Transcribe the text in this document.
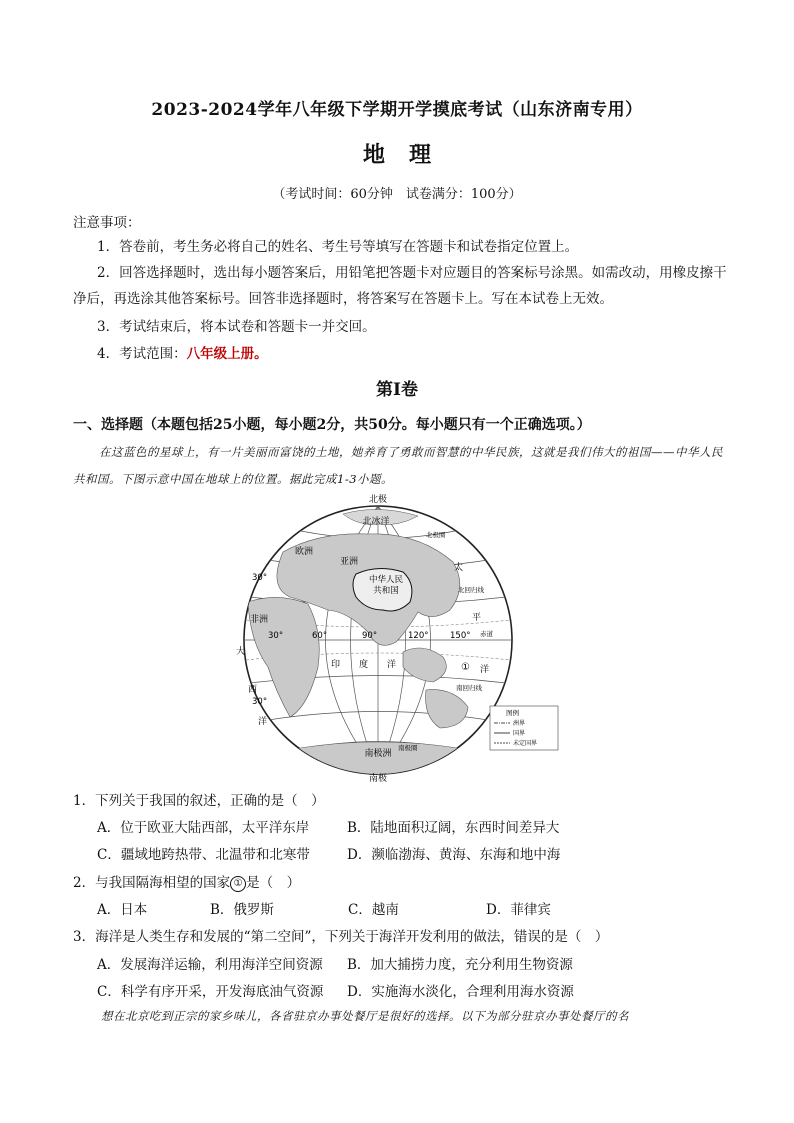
2023-2024学年八年级下学期开学摸底考试（山东济南专用）
地理
（考试时间：60分钟　试卷满分：100分）
注意事项：
1．答卷前，考生务必将自己的姓名、考生号等填写在答题卡和试卷指定位置上。
2．回答选择题时，选出每小题答案后，用铅笔把答题卡对应题目的答案标号涂黑。如需改动，用橡皮擦干净后，再选涂其他答案标号。回答非选择题时，将答案写在答题卡上。写在本试卷上无效。
3．考试结束后，将本试卷和答题卡一并交回。
4．考试范围：八年级上册。
第Ⅰ卷
一、选择题（本题包括25小题，每小题2分，共50分。每小题只有一个正确选项。）
在这蓝色的星球上，有一片美丽而富饶的土地，她养育了勇敢而智慧的中华民族，这就是我们伟大的祖国——中华人民共和国。下图示意中国在地球上的位置。据此完成1-3小题。
北极
南极
北冰洋
欧洲
亚洲
中华人民
共和国
非洲
印 度 洋
大
西
洋
太
平
洋
南极洲
北回归线
赤道
南回归线
北极圈
南极圈
30°
30°
30°	60°	90°	120°	150°
①
图例
洲界
国界
未定国界
1．下列关于我国的叙述，正确的是（　）
A．位于欧亚大陆西部，太平洋东岸	B．陆地面积辽阔，东西时间差异大
C．疆域地跨热带、北温带和北寒带	D．濒临渤海、黄海、东海和地中海
2．与我国隔海相望的国家 ① 是（　）
A．日本	B．俄罗斯	C．越南	D．菲律宾
3．海洋是人类生存和发展的“第二空间”，下列关于海洋开发利用的做法，错误的是（　）
A．发展海洋运输，利用海洋空间资源 B．加大捕捞力度，充分利用生物资源
C．科学有序开采，开发海底油气资源 D．实施海水淡化，合理利用海水资源
想在北京吃到正宗的家乡味儿，各省驻京办事处餐厅是很好的选择。以下为部分驻京办事处餐厅的名
